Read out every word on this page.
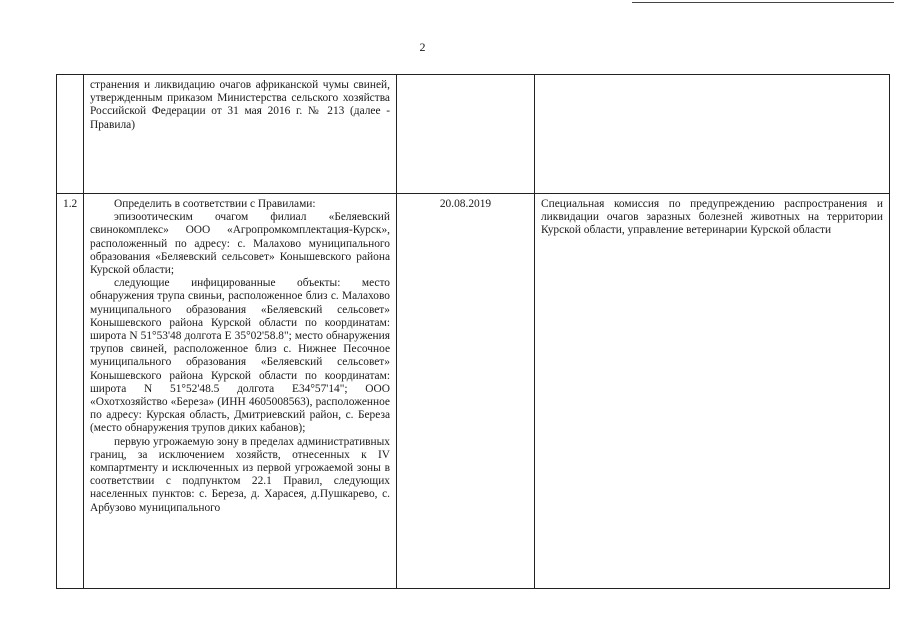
2

	странения и ликвидацию очагов африканской чумы свиней, утвержденным приказом Министерства сельского хозяйства Российской Федерации от 31 мая 2016 г. № 213 (далее - Правила)		

1.2	Определить в соответствии с Правилами:

эпизоотическим очагом филиал «Беляевский свинокомплекс» ООО «Агропромкомплектация-Курск», расположенный по адресу: с. Малахово муниципального образования «Беляевский сельсовет» Конышевского района Курской области;

следующие инфицированные объекты: место обнаружения трупа свиньи, расположенное близ с. Малахово муниципального образования «Беляевский сельсовет» Конышевского района Курской области по координатам: широта N 51°53'48 долгота E 35°02'58.8"; место обнаружения трупов свиней, расположенное близ с. Нижнее Песочное муниципального образования «Беляевский сельсовет» Конышевского района Курской области по координатам: широта N 51°52'48.5 долгота E34°57'14"; ООО «Охотхозяйство «Береза» (ИНН 4605008563), расположенное по адресу: Курская область, Дмитриевский район, с. Береза (место обнаружения трупов диких кабанов);

первую угрожаемую зону в пределах административных границ, за исключением хозяйств, отнесенных к IV компартменту и исключенных из первой угрожаемой зоны в соответствии с подпунктом 22.1 Правил, следующих населенных пунктов: с. Береза, д. Харасея, д.Пушкарево, с. Арбузово муниципального	20.08.2019	Специальная комиссия по предупреждению распространения и ликвидации очагов заразных болезней животных на территории Курской области, управление ветеринарии Курской области
